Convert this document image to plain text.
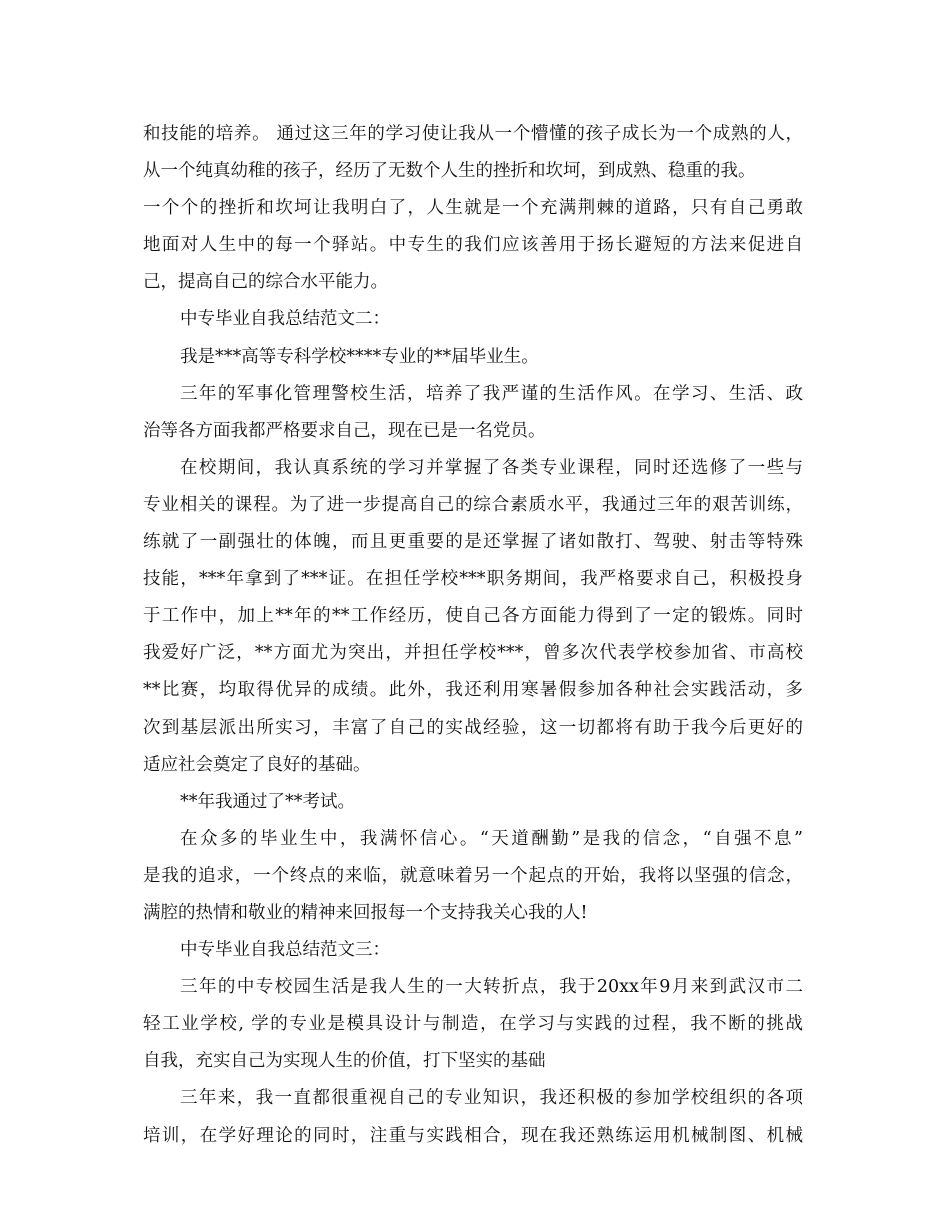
和技能的培养。 通过这三年的学习使让我从一个懵懂的孩子成长为一个成熟的人，
从一个纯真幼稚的孩子，经历了无数个人生的挫折和坎坷，到成熟、稳重的我。
一个个的挫折和坎坷让我明白了，人生就是一个充满荆棘的道路，只有自己勇敢
地面对人生中的每一个驿站。中专生的我们应该善用于扬长避短的方法来促进自
己，提高自己的综合水平能力。
中专毕业自我总结范文二：
我是***高等专科学校****专业的**届毕业生。
三年的军事化管理警校生活，培养了我严谨的生活作风。在学习、生活、政
治等各方面我都严格要求自己，现在已是一名党员。
在校期间，我认真系统的学习并掌握了各类专业课程，同时还选修了一些与
专业相关的课程。为了进一步提高自己的综合素质水平，我通过三年的艰苦训练，
练就了一副强壮的体魄，而且更重要的是还掌握了诸如散打、驾驶、射击等特殊
技能，***年拿到了***证。在担任学校***职务期间，我严格要求自己，积极投身
于工作中，加上**年的**工作经历，使自己各方面能力得到了一定的锻炼。同时
我爱好广泛，**方面尤为突出，并担任学校***，曾多次代表学校参加省、市高校
**比赛，均取得优异的成绩。此外，我还利用寒暑假参加各种社会实践活动，多
次到基层派出所实习，丰富了自己的实战经验，这一切都将有助于我今后更好的
适应社会奠定了良好的基础。
**年我通过了**考试。
在众多的毕业生中，我满怀信心。“天道酬勤”是我的信念，“自强不息”
是我的追求，一个终点的来临，就意味着另一个起点的开始，我将以坚强的信念，
满腔的热情和敬业的精神来回报每一个支持我关心我的人!
中专毕业自我总结范文三：
三年的中专校园生活是我人生的一大转折点，我于20xx年9月来到武汉市二
轻工业学校, 学的专业是模具设计与制造，在学习与实践的过程，我不断的挑战
自我，充实自己为实现人生的价值，打下坚实的基础
三年来，我一直都很重视自己的专业知识，我还积极的参加学校组织的各项
培训，在学好理论的同时，注重与实践相合，现在我还熟练运用机械制图、机械
